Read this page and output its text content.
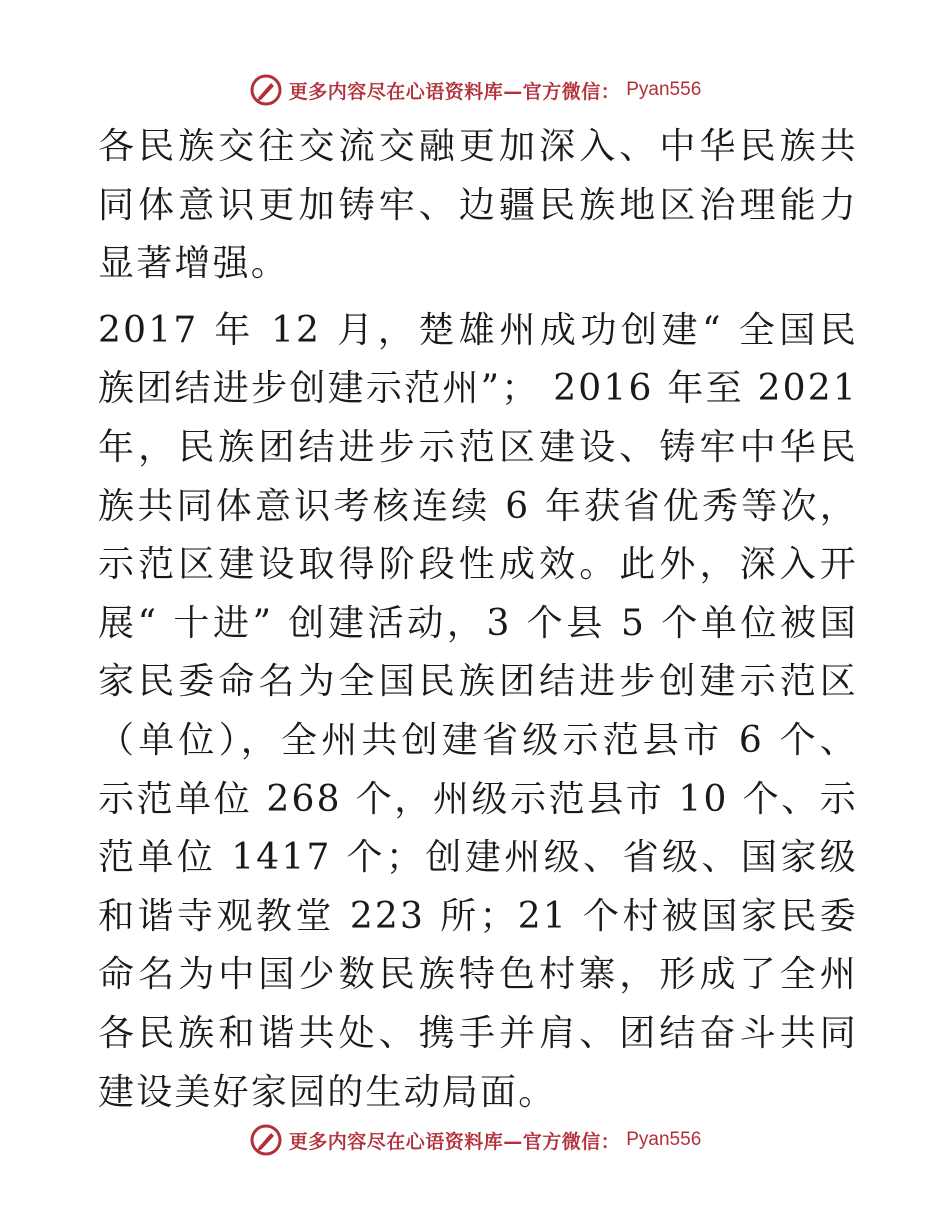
更多内容尽在心语资料库—官方微信： Pyan556

各民族交往交流交融更加深入、中华民族共同体意识更加铸牢、边疆民族地区治理能力显著增强。

2017 年 12 月，楚雄州成功创建“ 全国民族团结进步创建示范州”； 2016 年至 2021 年，民族团结进步示范区建设、铸牢中华民族共同体意识考核连续 6 年获省优秀等次，示范区建设取得阶段性成效。此外，深入开展“ 十进” 创建活动，3 个县 5 个单位被国家民委命名为全国民族团结进步创建示范区（单位），全州共创建省级示范县市 6 个、示范单位 268 个，州级示范县市 10 个、示范单位 1417 个；创建州级、省级、国家级和谐寺观教堂 223 所；21 个村被国家民委命名为中国少数民族特色村寨，形成了全州各民族和谐共处、携手并肩、团结奋斗共同建设美好家园的生动局面。

更多内容尽在心语资料库—官方微信： Pyan556
